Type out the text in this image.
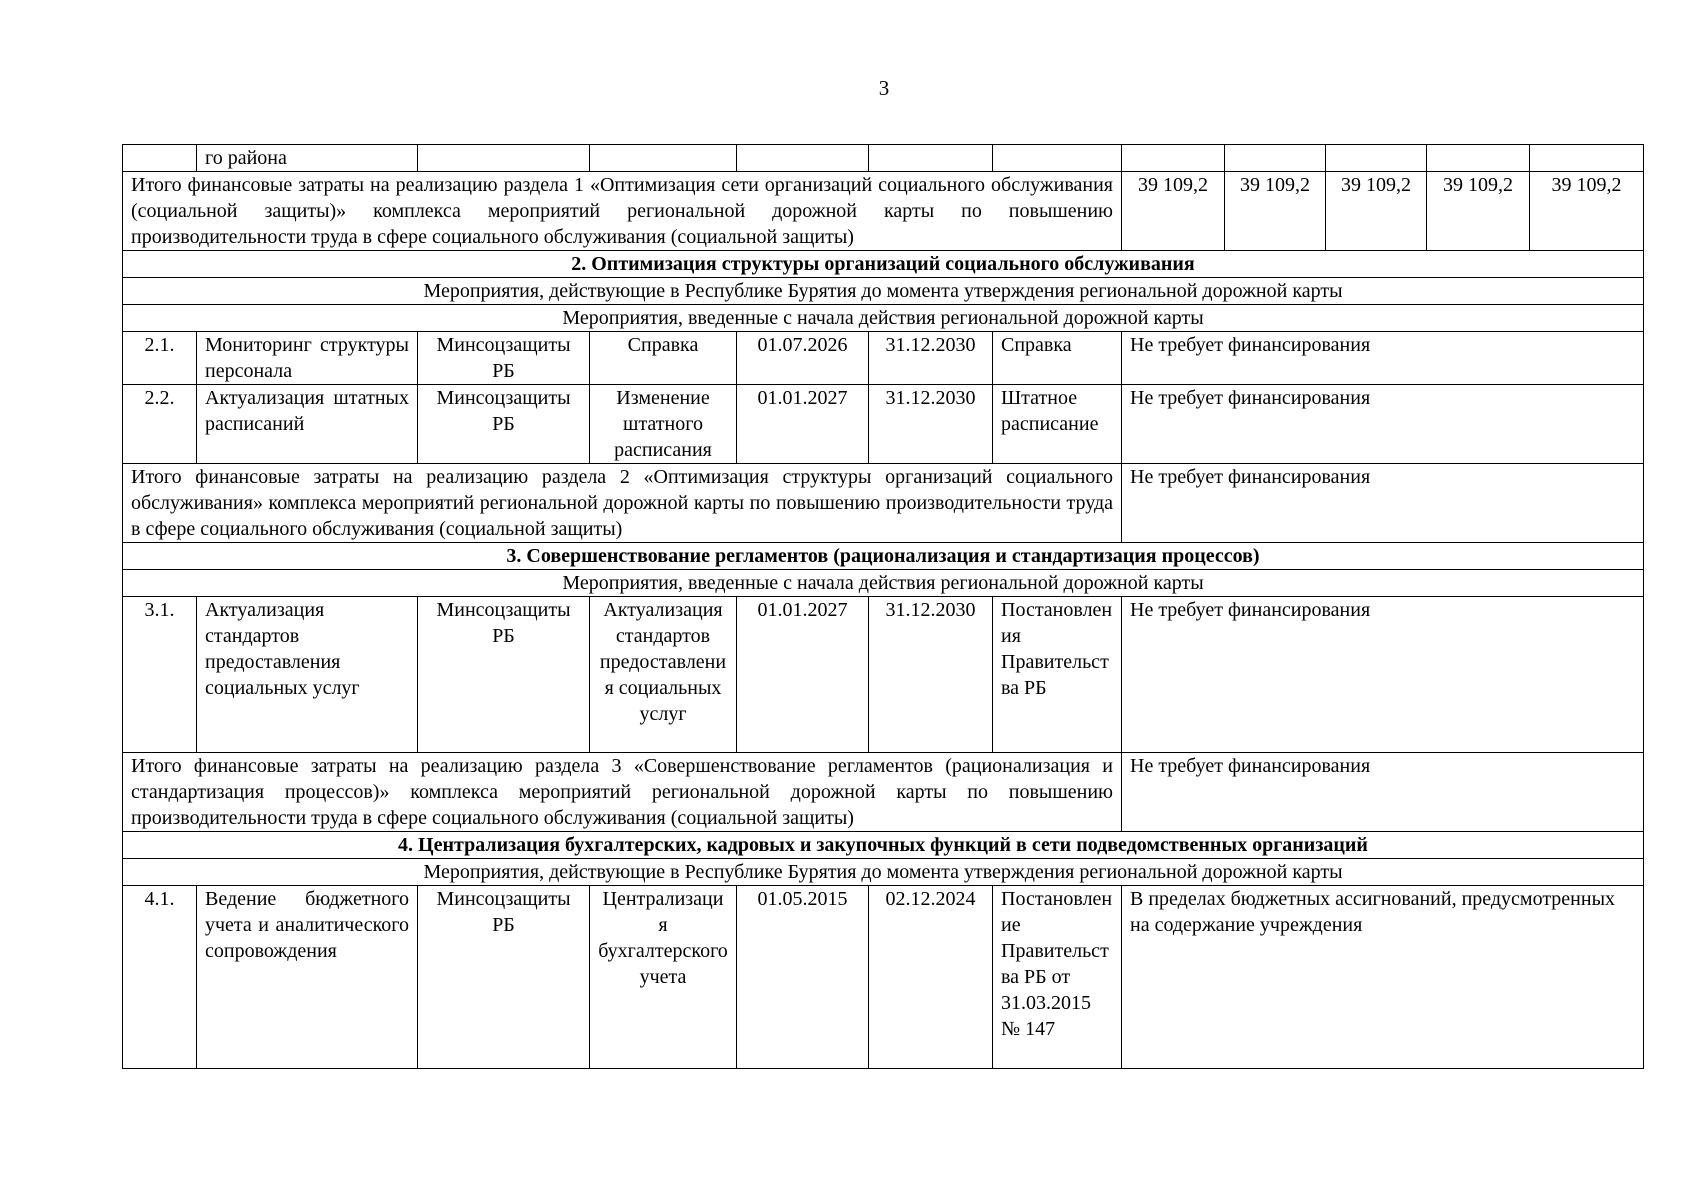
3
	го района										
Итого финансовые затраты на реализацию раздела 1 «Оптимизация сети организаций социального обслуживания (социальной защиты)» комплекса мероприятий региональной дорожной карты по повышению производительности труда в сфере социального обслуживания (социальной защиты)							39 109,2	39 109,2	39 109,2	39 109,2	39 109,2
2. Оптимизация структуры организаций социального обслуживания											
Мероприятия, действующие в Республике Бурятия до момента утверждения региональной дорожной карты											
Мероприятия, введенные с начала действия региональной дорожной карты											
2.1.	Мониторинг структуры персонала	Минсоцзащиты РБ	Справка	01.07.2026	31.12.2030	Справка	Не требует финансирования				
2.2.	Актуализация штатных расписаний	Минсоцзащиты РБ	Изменение штатного расписания	01.01.2027	31.12.2030	Штатное расписание	Не требует финансирования				
Итого финансовые затраты на реализацию раздела 2 «Оптимизация структуры организаций социального обслуживания» комплекса мероприятий региональной дорожной карты по повышению производительности труда в сфере социального обслуживания (социальной защиты)							Не требует финансирования				
3. Совершенствование регламентов (рационализация и стандартизация процессов)											
Мероприятия, введенные с начала действия региональной дорожной карты											
3.1.	Актуализация стандартов предоставления социальных услуг	Минсоцзащиты РБ	Актуализация стандартов предоставления социальных услуг	01.01.2027	31.12.2030	Постановления Правительства РБ	Не требует финансирования				
Итого финансовые затраты на реализацию раздела 3 «Совершенствование регламентов (рационализация и стандартизация процессов)» комплекса мероприятий региональной дорожной карты по повышению производительности труда в сфере социального обслуживания (социальной защиты)							Не требует финансирования				
4. Централизация бухгалтерских, кадровых и закупочных функций в сети подведомственных организаций											
Мероприятия, действующие в Республике Бурятия до момента утверждения региональной дорожной карты											
4.1.	Ведение бюджетного учета и аналитического сопровождения	Минсоцзащиты РБ	Централизация бухгалтерского учета	01.05.2015	02.12.2024	Постановление Правительства РБ от 31.03.2015 № 147	В пределах бюджетных ассигнований, предусмотренных на содержание учреждения				
